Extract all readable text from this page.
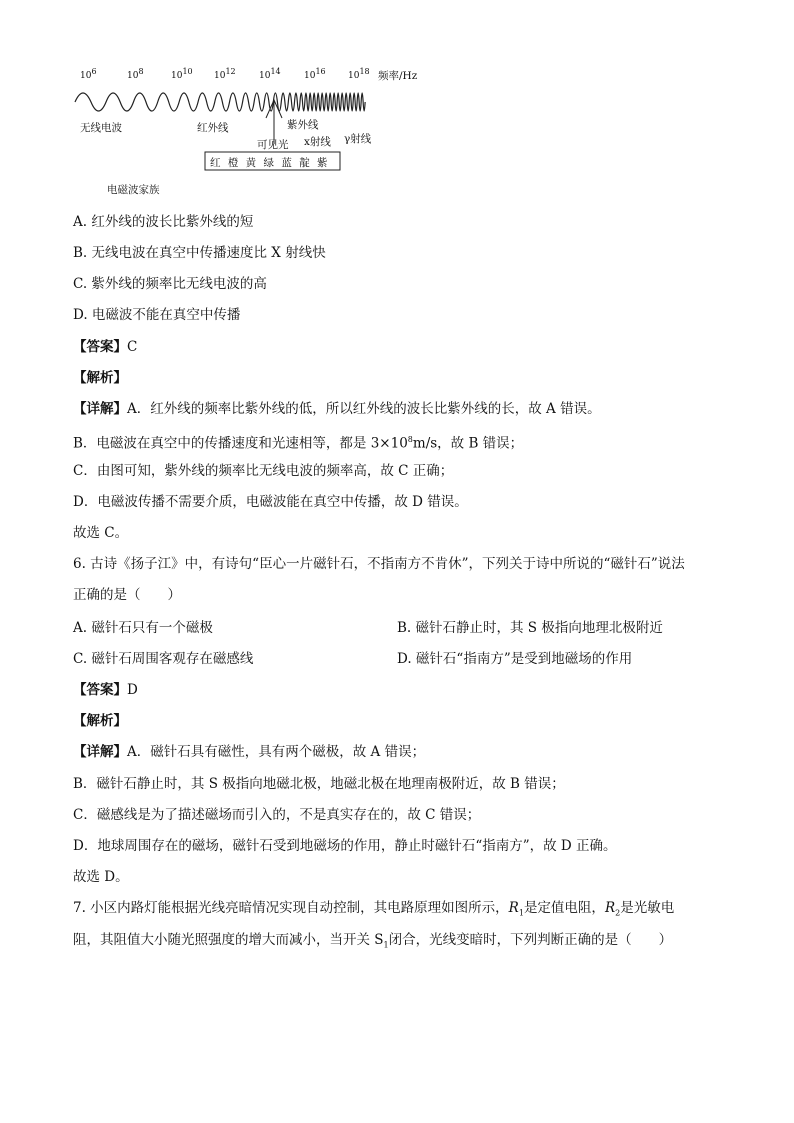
$10^6$	$10^8$	$10^{10}$ $10^{12}$	$10^{14}$	$10^{16}$ $10^{18}$ 频率/Hz
无线电波	红外线	紫外线
可见光 x射线 γ射线
红 橙 黄 绿 蓝 靛 紫
电磁波家族
A. 红外线的波长比紫外线的短
B. 无线电波在真空中传播速度比 X 射线快
C. 紫外线的频率比无线电波的高
D. 电磁波不能在真空中传播
【答案】C
【解析】
【详解】A．红外线的频率比紫外线的低，所以红外线的波长比紫外线的长，故 A 错误。
B．电磁波在真空中的传播速度和光速相等，都是 $3\times 10^8m/s$，故 B 错误；
C．由图可知，紫外线的频率比无线电波的频率高，故 C 正确；
D．电磁波传播不需要介质，电磁波能在真空中传播，故 D 错误。
故选 C。
6. 古诗《扬子江》中，有诗句“臣心一片磁针石，不指南方不肯休”，下列关于诗中所说的“磁针石”说法
正确的是（　　）
A. 磁针石只有一个磁极	B. 磁针石静止时，其 S 极指向地理北极附近
C. 磁针石周围客观存在磁感线	D. 磁针石“指南方”是受到地磁场的作用
【答案】D
【解析】
【详解】A．磁针石具有磁性，具有两个磁极，故 A 错误；
B．磁针石静止时，其 S 极指向地磁北极，地磁北极在地理南极附近，故 B 错误；
C．磁感线是为了描述磁场而引入的，不是真实存在的，故 C 错误；
D．地球周围存在的磁场，磁针石受到地磁场的作用，静止时磁针石“指南方”，故 D 正确。
故选 D。
7. 小区内路灯能根据光线亮暗情况实现自动控制，其电路原理如图所示，$R_1$是定值电阻，$R_2$是光敏电
阻，其阻值大小随光照强度的增大而减小，当开关 $S_1$闭合，光线变暗时，下列判断正确的是（　　）
